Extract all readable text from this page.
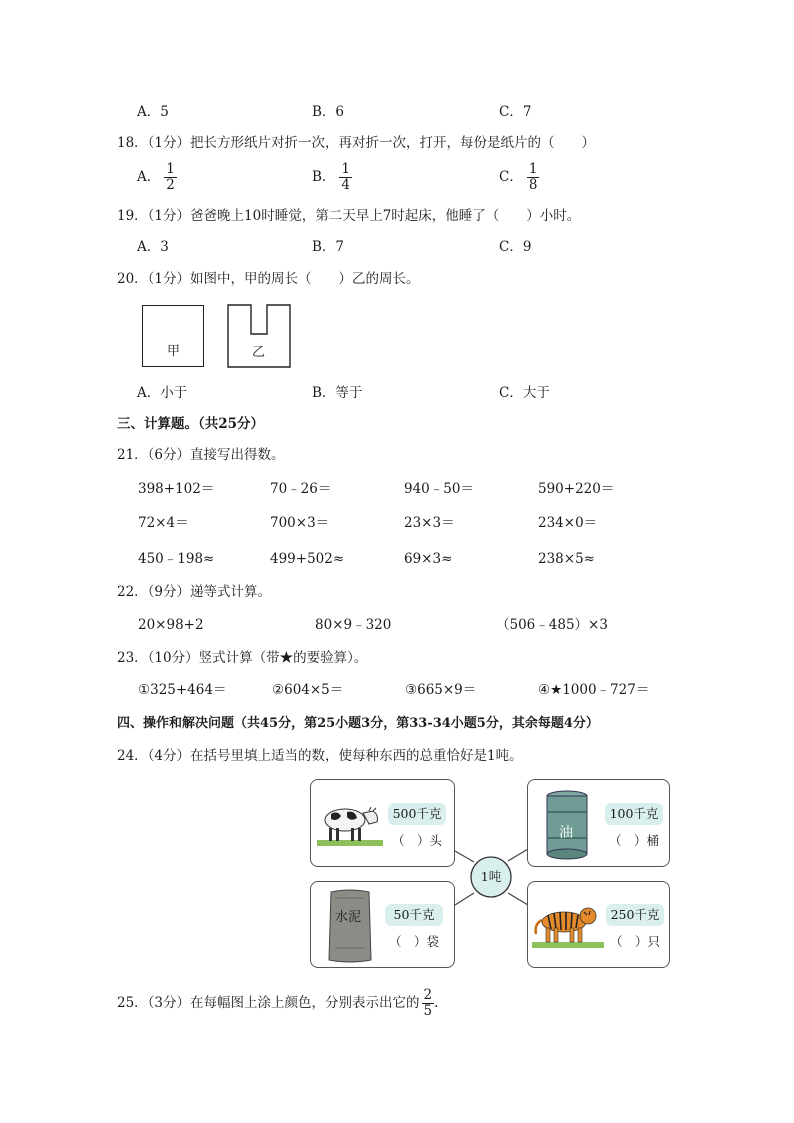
A．5	B．6	C．7
18．（1分）把长方形纸片对折一次，再对折一次，打开，每份是纸片的（　　）
A． $\frac{1}{2}$	B． $\frac{1}{4}$	C． $\frac{1}{8}$
19．（1分）爸爸晚上10时睡觉，第二天早上7时起床，他睡了（　　）小时。
A．3	B．7	C．9
20．（1分）如图中，甲的周长（　　）乙的周长。
甲	乙
A．小于	B．等于	C．大于
三、计算题。（共25分）
21．（6分）直接写出得数。
398+102＝	70﹣26＝	940﹣50＝	590+220＝
72×4＝	700×3＝	23×3＝	234×0＝
450﹣198≈	499+502≈	69×3≈	238×5≈
22．（9分）递等式计算。
20×98+2	80×9﹣320	（506﹣485）×3
23．（10分）竖式计算（带★的要验算）。
①325+464＝	②604×5＝	③665×9＝	④★1000﹣727＝
四、操作和解决问题（共45分，第25小题3分，第33-34小题5分，其余每题4分）
24．（4分）在括号里填上适当的数，使每种东西的总重恰好是1吨。
1吨
500千克
（　）头	油
100千克
（　）桶
水泥	50千克
（　）袋
250千克
（　）只
25．（3分）在每幅图上涂上颜色，分别表示出它的 $\frac{2}{5}$ .
